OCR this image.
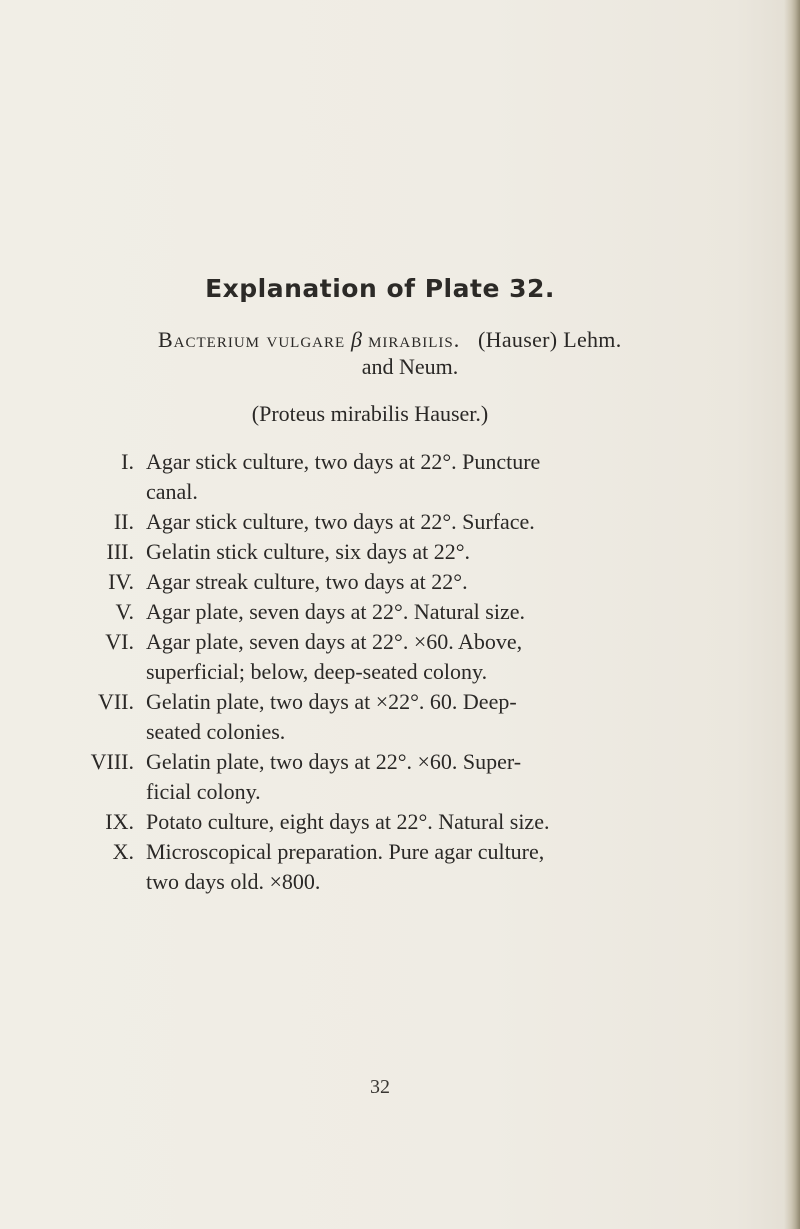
Explanation of Plate 32.
Bacterium vulgare β mirabilis. (Hauser) Lehm.
and Neum.
(Proteus mirabilis Hauser.)
I. Agar stick culture, two days at 22°. Puncture
canal.
II. Agar stick culture, two days at 22°. Surface.
III. Gelatin stick culture, six days at 22°.
IV. Agar streak culture, two days at 22°.
V. Agar plate, seven days at 22°. Natural size.
VI. Agar plate, seven days at 22°. ×60. Above,
superficial; below, deep-seated colony.
VII. Gelatin plate, two days at ×22°. 60. Deep-
seated colonies.
VIII. Gelatin plate, two days at 22°. ×60. Super-
ficial colony.
IX. Potato culture, eight days at 22°. Natural size.
X. Microscopical preparation. Pure agar culture,
two days old. ×800.
32
